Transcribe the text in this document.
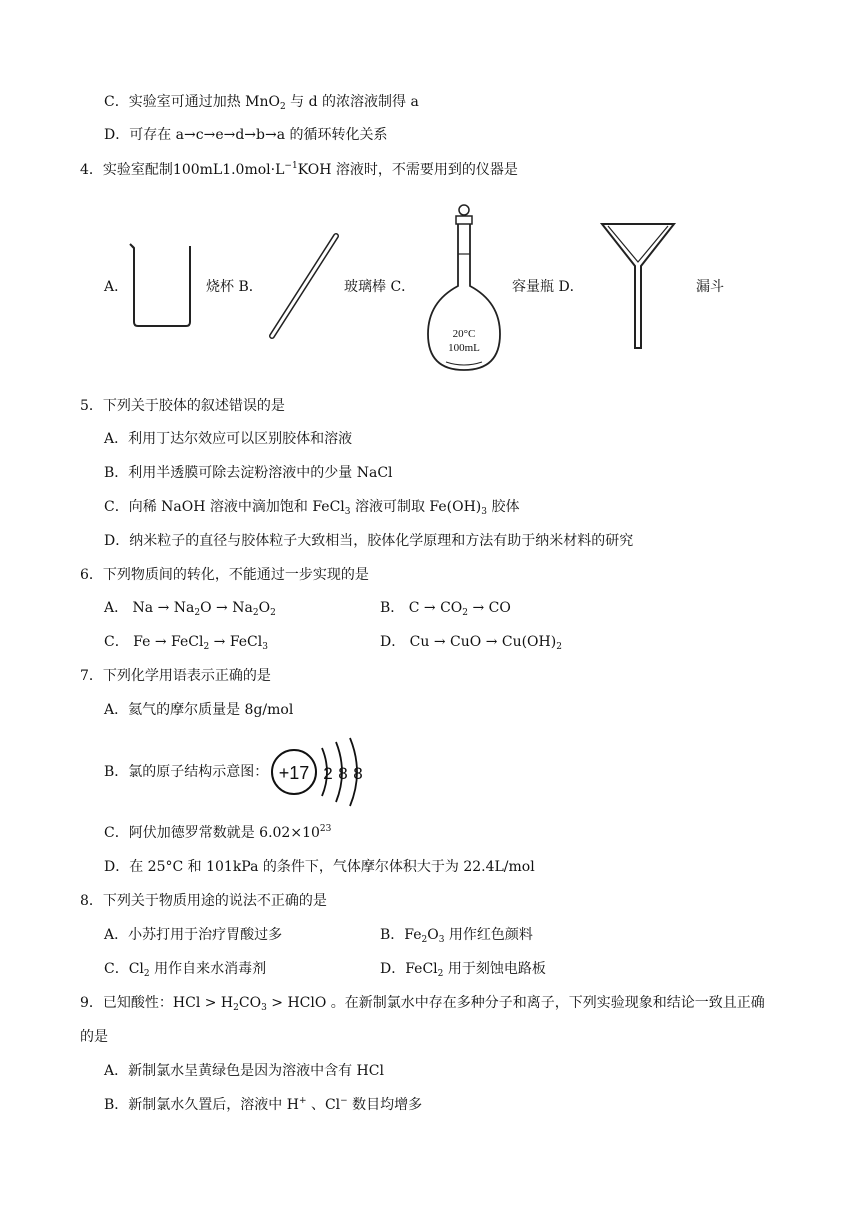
C．实验室可通过加热 MnO$_2$ 与 d 的浓溶液制得 a
D．可存在 a→c→e→d→b→a 的循环转化关系
4．实验室配制$100mL1.0mol\cdot L^{-1}KOH$ 溶液时，不需要用到的仪器是
A．	烧杯 B．	玻璃棒 C．
20°C
100mL
容量瓶 D．	漏斗
5．下列关于胶体的叙述错误的是
A．利用丁达尔效应可以区别胶体和溶液
B．利用半透膜可除去淀粉溶液中的少量 NaCl
C．向稀 NaOH 溶液中滴加饱和 FeCl$_3$ 溶液可制取 $Fe(OH)_3$ 胶体
D．纳米粒子的直径与胶体粒子大致相当，胶体化学原理和方法有助于纳米材料的研究
6．下列物质间的转化，不能通过一步实现的是
A． $Na \to Na_2O \to Na_2O_2$	B． $C \to CO_2$ → CO
C． Fe → FeCl$_2$ → FeCl$_3$	D． Cu → CuO → $Cu(OH)_2$
7．下列化学用语表示正确的是
A．氦气的摩尔质量是 8g/mol
B．氯的原子结构示意图： +17 2 8 8
C．阿伏加德罗常数就是 $6.02\times 10^{23}$
D．在 25°C 和 101kPa 的条件下，气体摩尔体积大于为 22.4L/mol
8．下列关于物质用途的说法不正确的是
A．小苏打用于治疗胃酸过多	B．$Fe_2O_3$ 用作红色颜料
C．$Cl_2$ 用作自来水消毒剂	D．FeCl$_2$ 用于刻蚀电路板
9．已知酸性：HCl > $H_2CO_3$ > HClO 。在新制氯水中存在多种分子和离子，下列实验现象和结论一致且正确
的是
A．新制氯水呈黄绿色是因为溶液中含有 HCl
B．新制氯水久置后，溶液中 H+ 、Cl− 数目均增多
